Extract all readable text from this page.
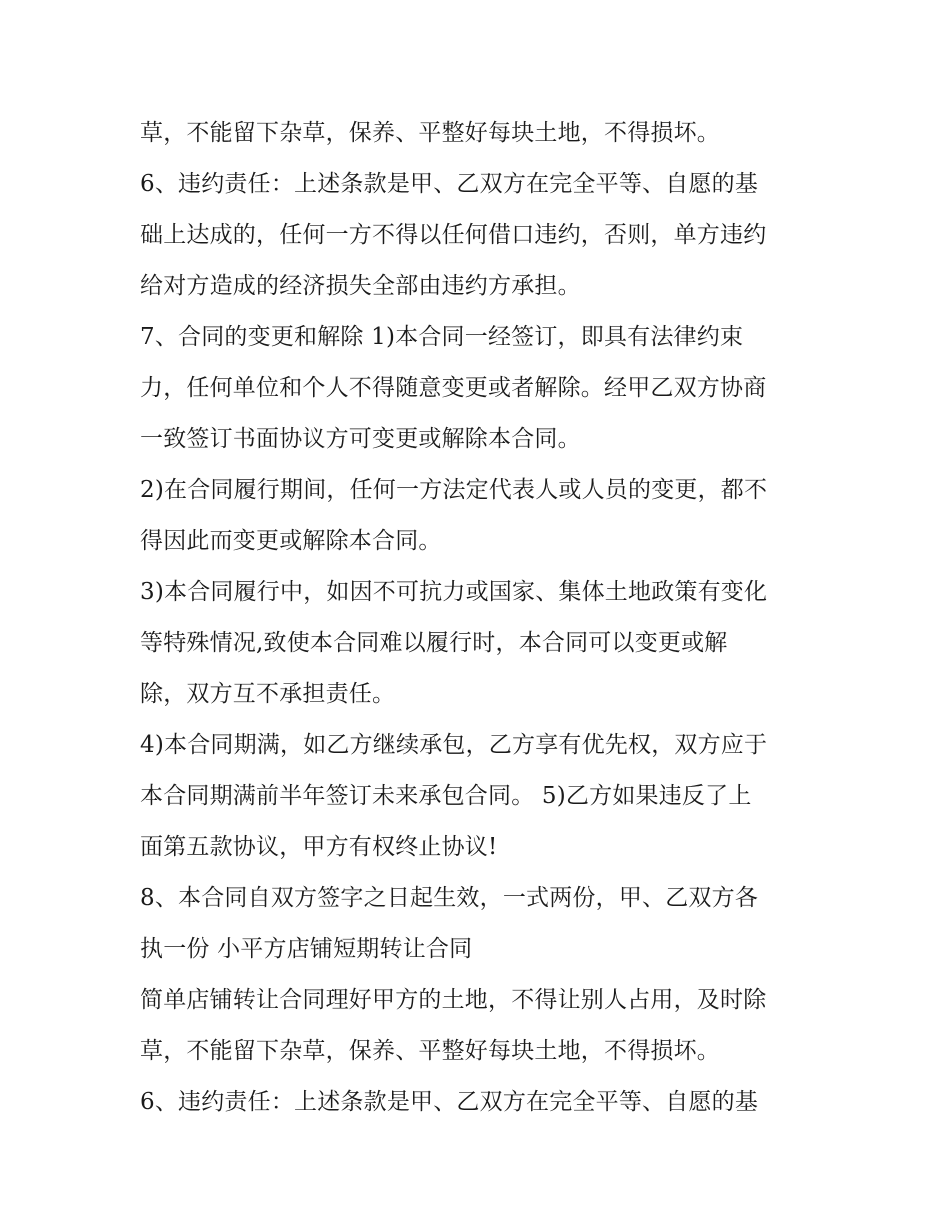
草，不能留下杂草，保养、平整好每块土地，不得损坏。
6、违约责任：上述条款是甲、乙双方在完全平等、自愿的基
础上达成的，任何一方不得以任何借口违约，否则，单方违约
给对方造成的经济损失全部由违约方承担。
7、合同的变更和解除 1)本合同一经签订，即具有法律约束
力，任何单位和个人不得随意变更或者解除。经甲乙双方协商
一致签订书面协议方可变更或解除本合同。
2)在合同履行期间，任何一方法定代表人或人员的变更，都不
得因此而变更或解除本合同。
3)本合同履行中，如因不可抗力或国家、集体土地政策有变化
等特殊情况,致使本合同难以履行时，本合同可以变更或解
除，双方互不承担责任。
4)本合同期满，如乙方继续承包，乙方享有优先权，双方应于
本合同期满前半年签订未来承包合同。 5)乙方如果违反了上
面第五款协议，甲方有权终止协议!
8、本合同自双方签字之日起生效，一式两份，甲、乙双方各
执一份 小平方店铺短期转让合同
简单店铺转让合同理好甲方的土地，不得让别人占用，及时除
草，不能留下杂草，保养、平整好每块土地，不得损坏。
6、违约责任：上述条款是甲、乙双方在完全平等、自愿的基
